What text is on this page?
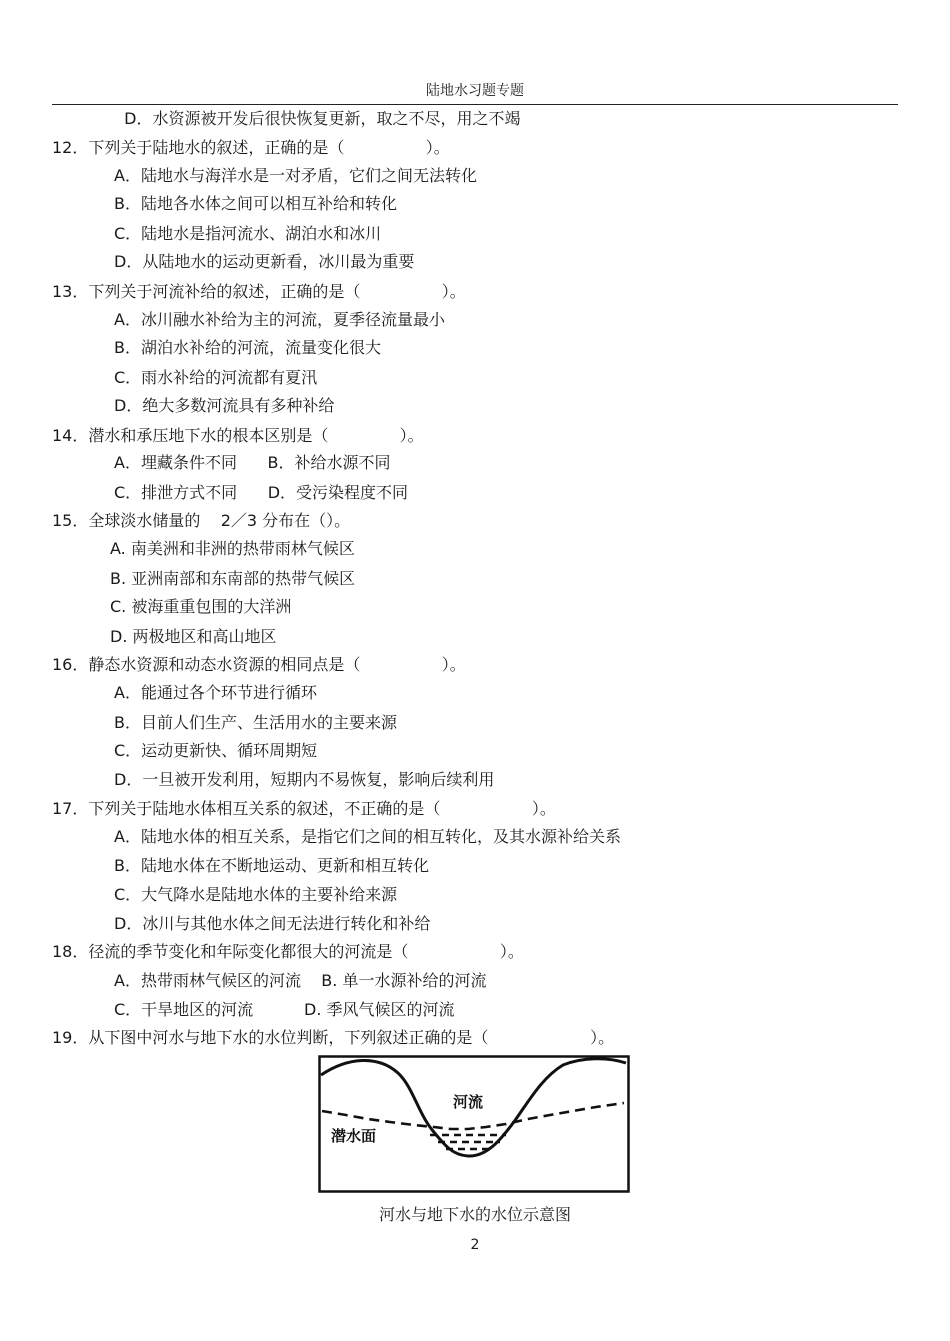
陆地水习题专题
D．水资源被开发后很快恢复更新，取之不尽，用之不竭
12．下列关于陆地水的叙述，正确的是（                ）。
A．陆地水与海洋水是一对矛盾，它们之间无法转化
B．陆地各水体之间可以相互补给和转化
C．陆地水是指河流水、湖泊水和冰川
D．从陆地水的运动更新看，冰川最为重要
13．下列关于河流补给的叙述，正确的是（                ）。
A．冰川融水补给为主的河流，夏季径流量最小
B．湖泊水补给的河流，流量变化很大
C．雨水补给的河流都有夏汛
D．绝大多数河流具有多种补给
14．潜水和承压地下水的根本区别是（              ）。
A．埋藏条件不同      B．补给水源不同
C．排泄方式不同      D．受污染程度不同
15．全球淡水储量的    2／3 分布在（）。
A. 南美洲和非洲的热带雨林气候区
B. 亚洲南部和东南部的热带气候区
C. 被海重重包围的大洋洲
D. 两极地区和高山地区
16．静态水资源和动态水资源的相同点是（                ）。
A．能通过各个环节进行循环
B．目前人们生产、生活用水的主要来源
C．运动更新快、循环周期短
D．一旦被开发利用，短期内不易恢复，影响后续利用
17．下列关于陆地水体相互关系的叙述，不正确的是（                  ）。
A．陆地水体的相互关系，是指它们之间的相互转化，及其水源补给关系
B．陆地水体在不断地运动、更新和相互转化
C．大气降水是陆地水体的主要补给来源
D．冰川与其他水体之间无法进行转化和补给
18．径流的季节变化和年际变化都很大的河流是（                  ）。
A．热带雨林气候区的河流    B. 单一水源补给的河流
C．干旱地区的河流          D. 季风气候区的河流
19．从下图中河水与地下水的水位判断，下列叙述正确的是（                    ）。
河流
潜水面
河水与地下水的水位示意图
2
